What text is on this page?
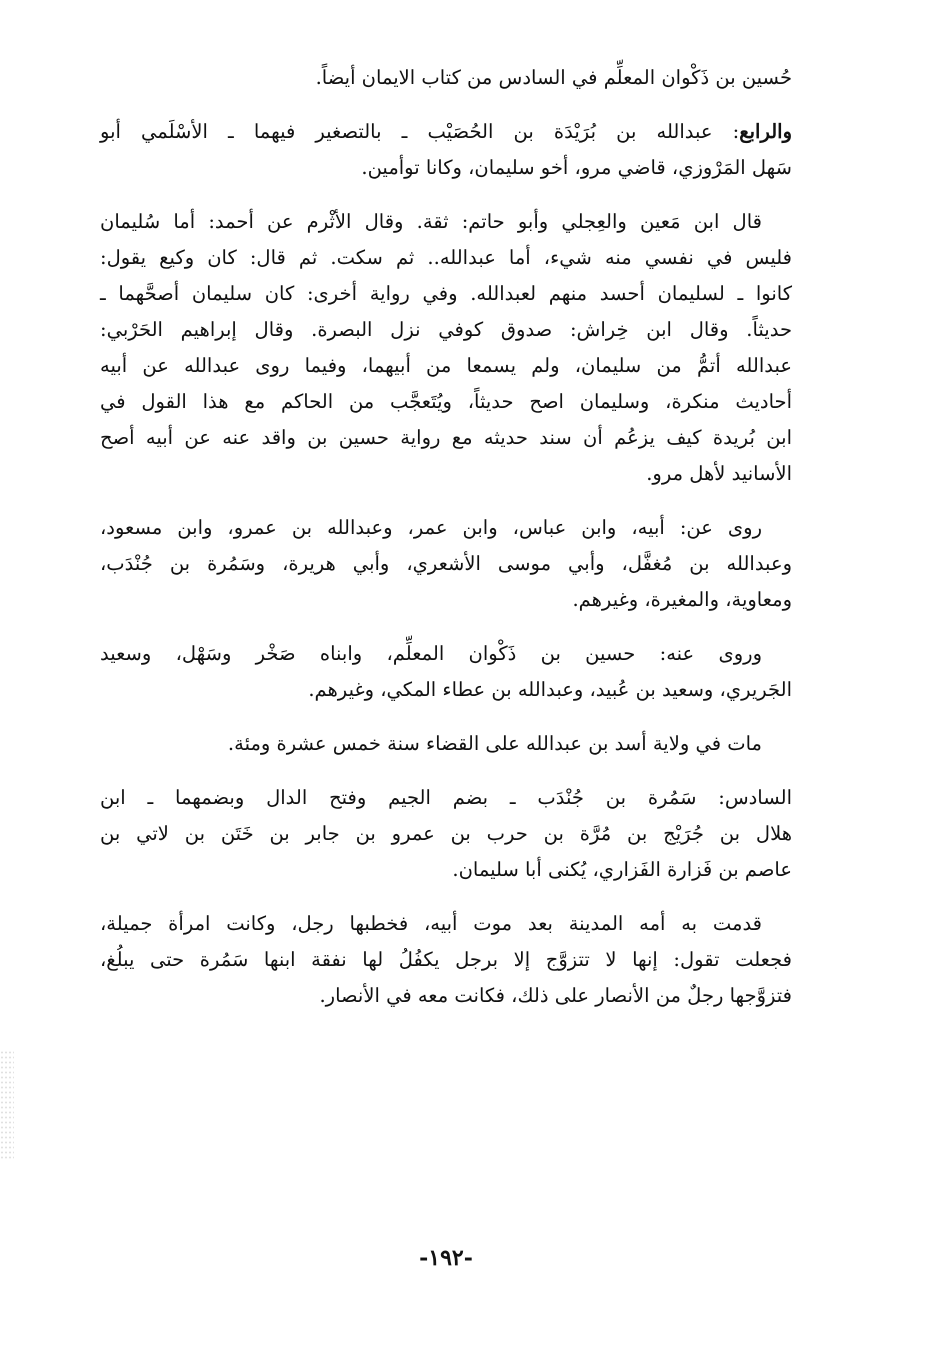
حُسين بن ذَكْوان المعلِّم في السادس من كتاب الايمان أيضاً.
والرابع: عبدالله بن بُرَيْدَة بن الحُصَيْب ـ بالتصغير فيهما ـ الأسْلَمي أبو
سَهل المَرْوزي، قاضي مرو، أخو سليمان، وكانا توأمين.
قال ابن مَعين والعِجلي وأبو حاتم: ثقة. وقال الأثْرم عن أحمد: أما سُليمان
فليس في نفسي منه شيء، أما عبدالله.. ثم سكت. ثم قال: كان وكيع يقول:
كانوا ـ لسليمان أحسد منهم لعبدالله. وفي رواية أخرى: كان سليمان أصحَّهما ـ
حديثاً. وقال ابن خِراش: صدوق كوفي نزل البصرة. وقال إبراهيم الحَرْبي:
عبدالله أتمُّ من سليمان، ولم يسمعا من أبيهما، وفيما روى عبدالله عن أبيه
أحاديث منكرة، وسليمان اصح حديثاً، ويُتَعجَّب من الحاكم مع هذا القول في
ابن بُريدة كيف يزعُم أن سند حديثه مع رواية حسين بن واقد عنه عن أبيه أصح
الأسانيد لأهل مرو.
روى عن: أبيه، وابن عباس، وابن عمر، وعبدالله بن عمرو، وابن مسعود،
وعبدالله بن مُغفَّل، وأبي موسى الأشعري، وأبي هريرة، وسَمُرة بن جُنْدَب،
ومعاوية، والمغيرة، وغيرهم.
وروى عنه: حسين بن ذَكْوان المعلِّم، وابناه صَخْر وسَهْل، وسعيد
الجَريري، وسعيد بن عُبيد، وعبدالله بن عطاء المكي، وغيرهم.
مات في ولاية أسد بن عبدالله على القضاء سنة خمس عشرة ومئة.
السادس: سَمُرة بن جُنْدَب ـ بضم الجيم وفتح الدال وبضمهما ـ ابن
هلال بن جُرَيْج بن مُرَّة بن حرب بن عمرو بن جابر بن خَتَن بن لاتي بن
عاصم بن فَزارة الفَزاري، يُكنى أبا سليمان.
قدمت به أمه المدينة بعد موت أبيه، فخطبها رجل، وكانت امرأة جميلة،
فجعلت تقول: إنها لا تتزوَّج إلا برجل يكفُلُ لها نفقة ابنها سَمُرة حتى يبلُغ،
فتزوَّجها رجلٌ من الأنصار على ذلك، فكانت معه في الأنصار.
-١٩٢-
